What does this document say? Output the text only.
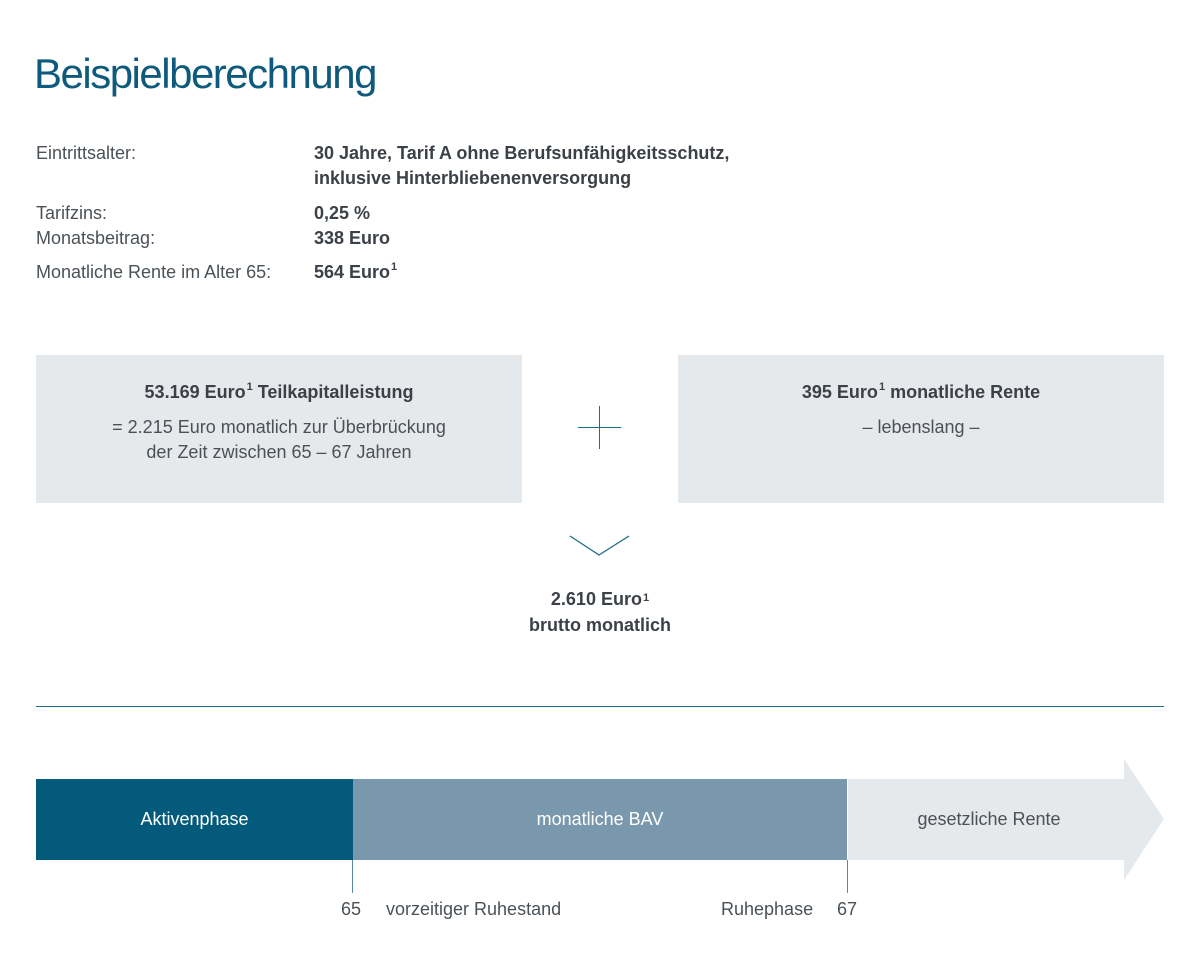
Beispielberechnung
Eintrittsalter:	30 Jahre, Tarif A ohne Berufsunfähigkeitsschutz,
inklusive Hinterbliebenenversorgung
Tarifzins:	0,25 %
Monatsbeitrag:	338 Euro
Monatliche Rente im Alter 65: 564 Euro$^1$
53.169 Euro$^1$ Teilkapitalleistung
= 2.215 Euro monatlich zur Überbrückung
der Zeit zwischen 65 – 67 Jahren
395 Euro$^1$ monatliche Rente
– lebenslang –
2.610 Euro$^1$
brutto monatlich
Aktivenphase	monatliche BAV	gesetzliche Rente
65 vorzeitiger Ruhestand	Ruhephase 67
